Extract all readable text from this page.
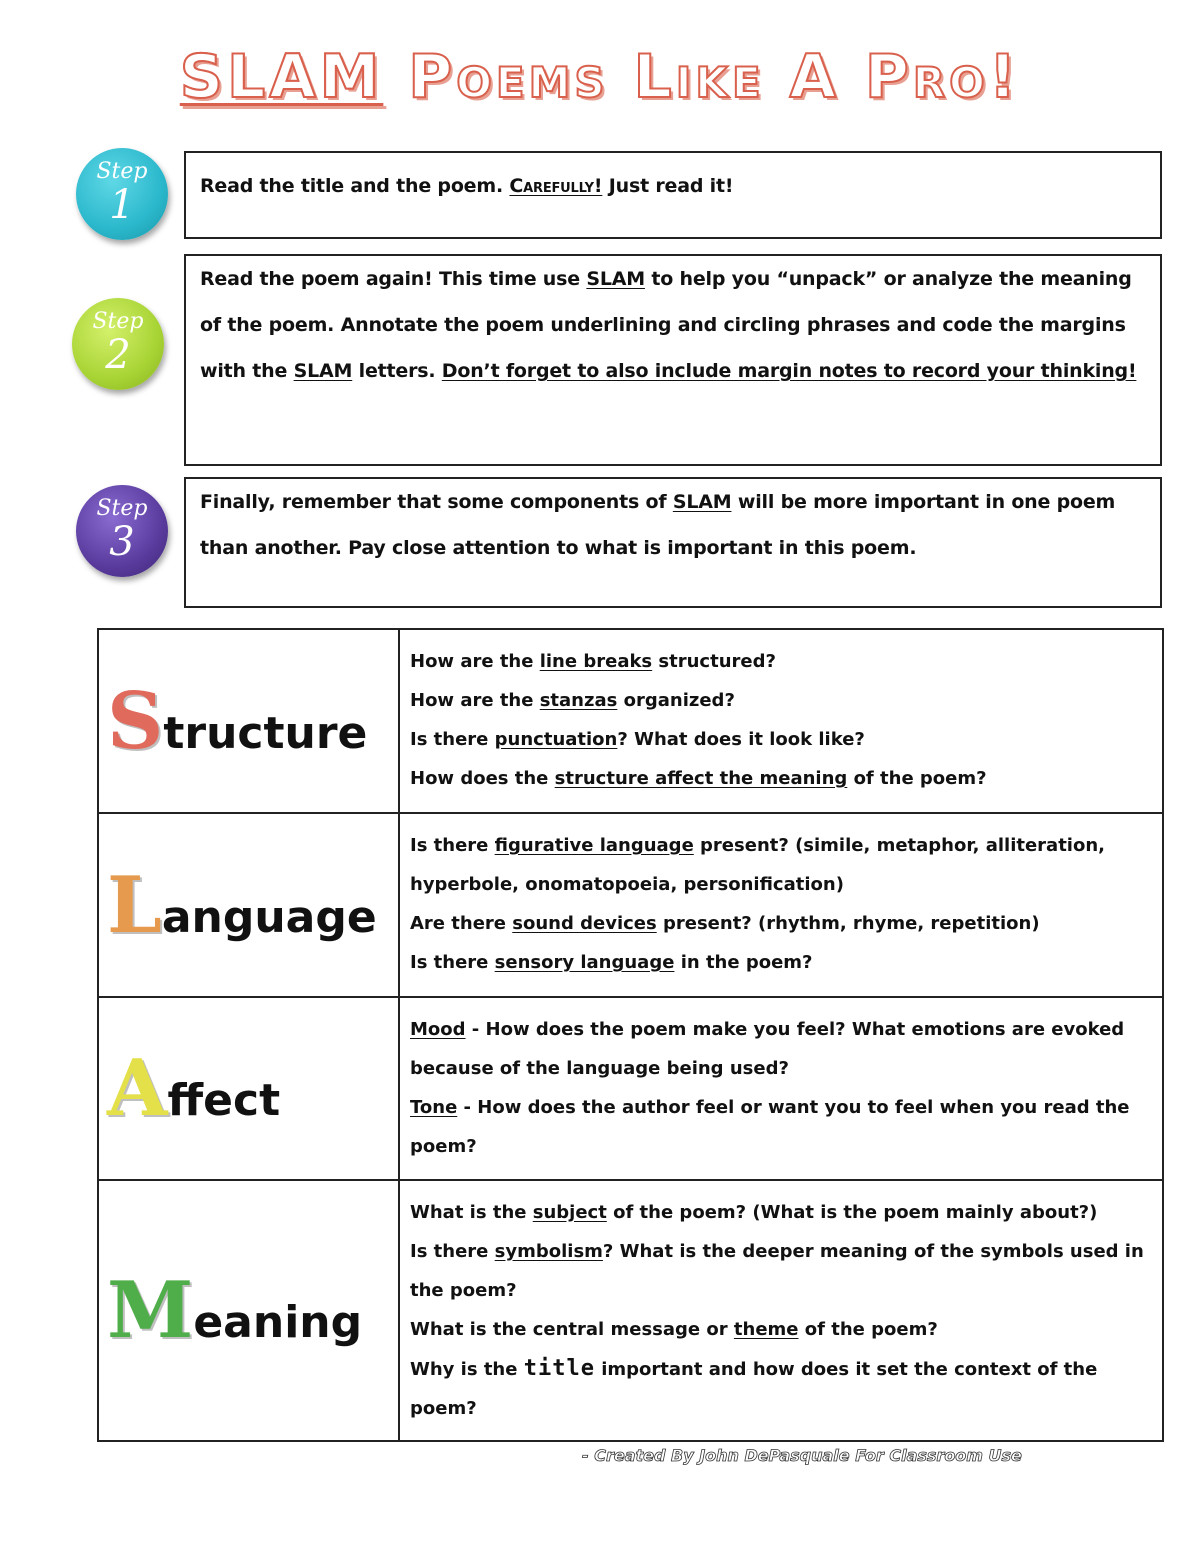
SLAM Poems Like A Pro!
Step
1
Step
2
Step
3
Read the title and the poem. Carefully! Just read it!
Read the poem again! This time use SLAM to help you “unpack” or analyze the meaning of the poem. Annotate the poem underlining and circling phrases and code the margins with the SLAM letters. Don’t forget to also include margin notes to record your thinking!
Finally, remember that some components of SLAM will be more important in one poem than another. Pay close attention to what is important in this poem.
Structure	How are the line breaks structured?
How are the stanzas organized?
Is there punctuation? What does it look like?
How does the structure affect the meaning of the poem?

Language	Is there figurative language present? (simile, metaphor, alliteration, hyperbole, onomatopoeia, personification)
Are there sound devices present? (rhythm, rhyme, repetition)
Is there sensory language in the poem?

Affect	Mood - How does the poem make you feel? What emotions are evoked because of the language being used?
Tone - How does the author feel or want you to feel when you read the poem?

Meaning	What is the subject of the poem? (What is the poem mainly about?)
Is there symbolism? What is the deeper meaning of the symbols used in the poem?
What is the central message or theme of the poem?
Why is the title important and how does it set the context of the poem?
- Created By John DePasquale For Classroom Use
